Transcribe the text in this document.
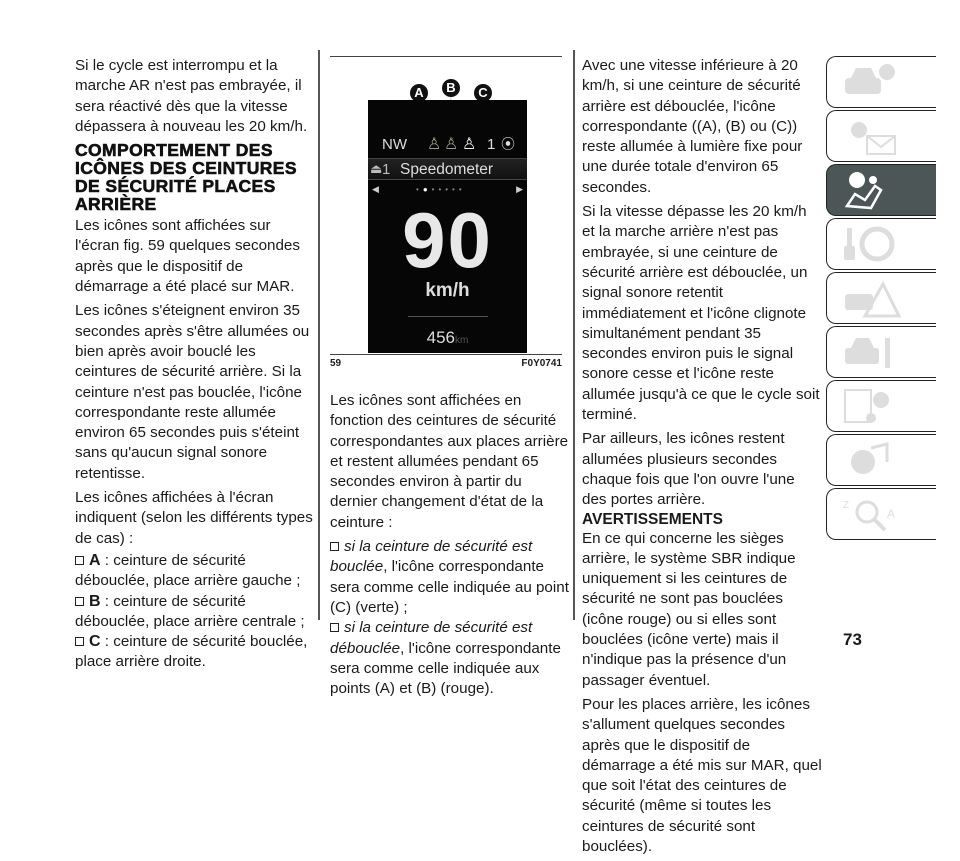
Si le cycle est interrompu et la marche AR n'est pas embrayée, il sera réactivé dès que la vitesse dépassera à nouveau les 20 km/h.

COMPORTEMENT DES ICÔNES DES CEINTURES DE SÉCURITÉ PLACES ARRIÈRE

Les icônes sont affichées sur l'écran fig. 59 quelques secondes après que le dispositif de démarrage a été placé sur MAR.

Les icônes s'éteignent environ 35 secondes après s'être allumées ou bien après avoir bouclé les ceintures de sécurité arrière. Si la ceinture n'est pas bouclée, l'icône correspondante reste allumée environ 65 secondes puis s'éteint sans qu'aucun signal sonore retentisse.

Les icônes affichées à l'écran indiquent (selon les différents types de cas) :

A : ceinture de sécurité débouclée, place arrière gauche ;
B : ceinture de sécurité débouclée, place arrière centrale ;
C : ceinture de sécurité bouclée, place arrière droite.
A	B	C
NW ♙ ♙ ♙ 1 ⦿
⏏ 1 Speedometer
◀	▶
•●•••••
90
km/h
456km
59	F0Y0741

Les icônes sont affichées en fonction des ceintures de sécurité correspondantes aux places arrière et restent allumées pendant 65 secondes environ à partir du dernier changement d'état de la ceinture :

si la ceinture de sécurité est bouclée, l'icône correspondante sera comme celle indiquée au point (C) (verte) ;
si la ceinture de sécurité est débouclée, l'icône correspondante sera comme celle indiquée aux points (A) et (B) (rouge).

Avec une vitesse inférieure à 20 km/h, si une ceinture de sécurité arrière est débouclée, l'icône correspondante ((A), (B) ou (C)) reste allumée à lumière fixe pour une durée totale d'environ 65 secondes.

Si la vitesse dépasse les 20 km/h et la marche arrière n'est pas embrayée, si une ceinture de sécurité arrière est débouclée, un signal sonore retentit immédiatement et l'icône clignote simultanément pendant 35 secondes environ puis le signal sonore cesse et l'icône reste allumée jusqu'à ce que le cycle soit terminé.

Par ailleurs, les icônes restent allumées plusieurs secondes chaque fois que l'on ouvre l'une des portes arrière.

AVERTISSEMENTS

En ce qui concerne les sièges arrière, le système SBR indique uniquement si les ceintures de sécurité ne sont pas bouclées (icône rouge) ou si elles sont bouclées (icône verte) mais il n'indique pas la présence d'un passager éventuel.

Pour les places arrière, les icônes s'allument quelques secondes après que le dispositif de démarrage a été mis sur MAR, quel que soit l'état des ceintures de sécurité (même si toutes les ceintures de sécurité sont bouclées).

Z
A
73
